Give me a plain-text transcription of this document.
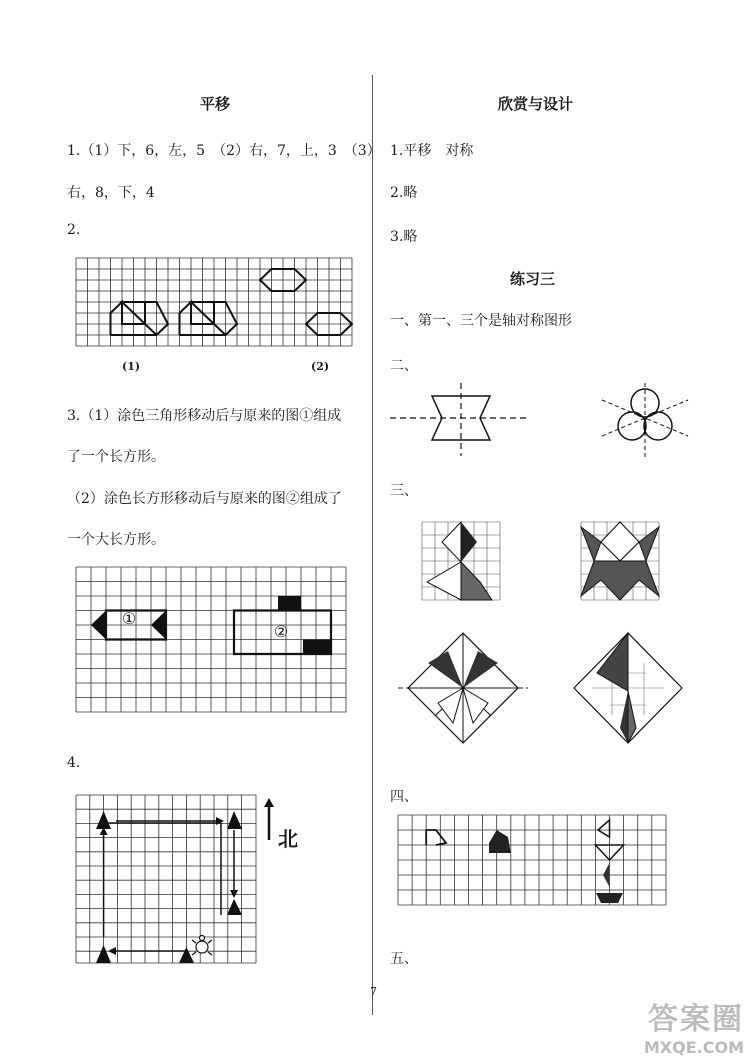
平移
1.（1）下，6，左，5　（2）右，7，上，3　（3）
右，8，下，4
2.
(1)	(2)
3.（1）涂色三角形移动后与原来的图①组成
了一个长方形。
（2）涂色长方形移动后与原来的图②组成了
一个大长方形。
①
②
4.
北
欣赏与设计
1.平移　对称
2.略
3.略
练习三
一、第一、三个是轴对称图形
二、
三、
四、
五、
7
答案圈
MXQE.COM
